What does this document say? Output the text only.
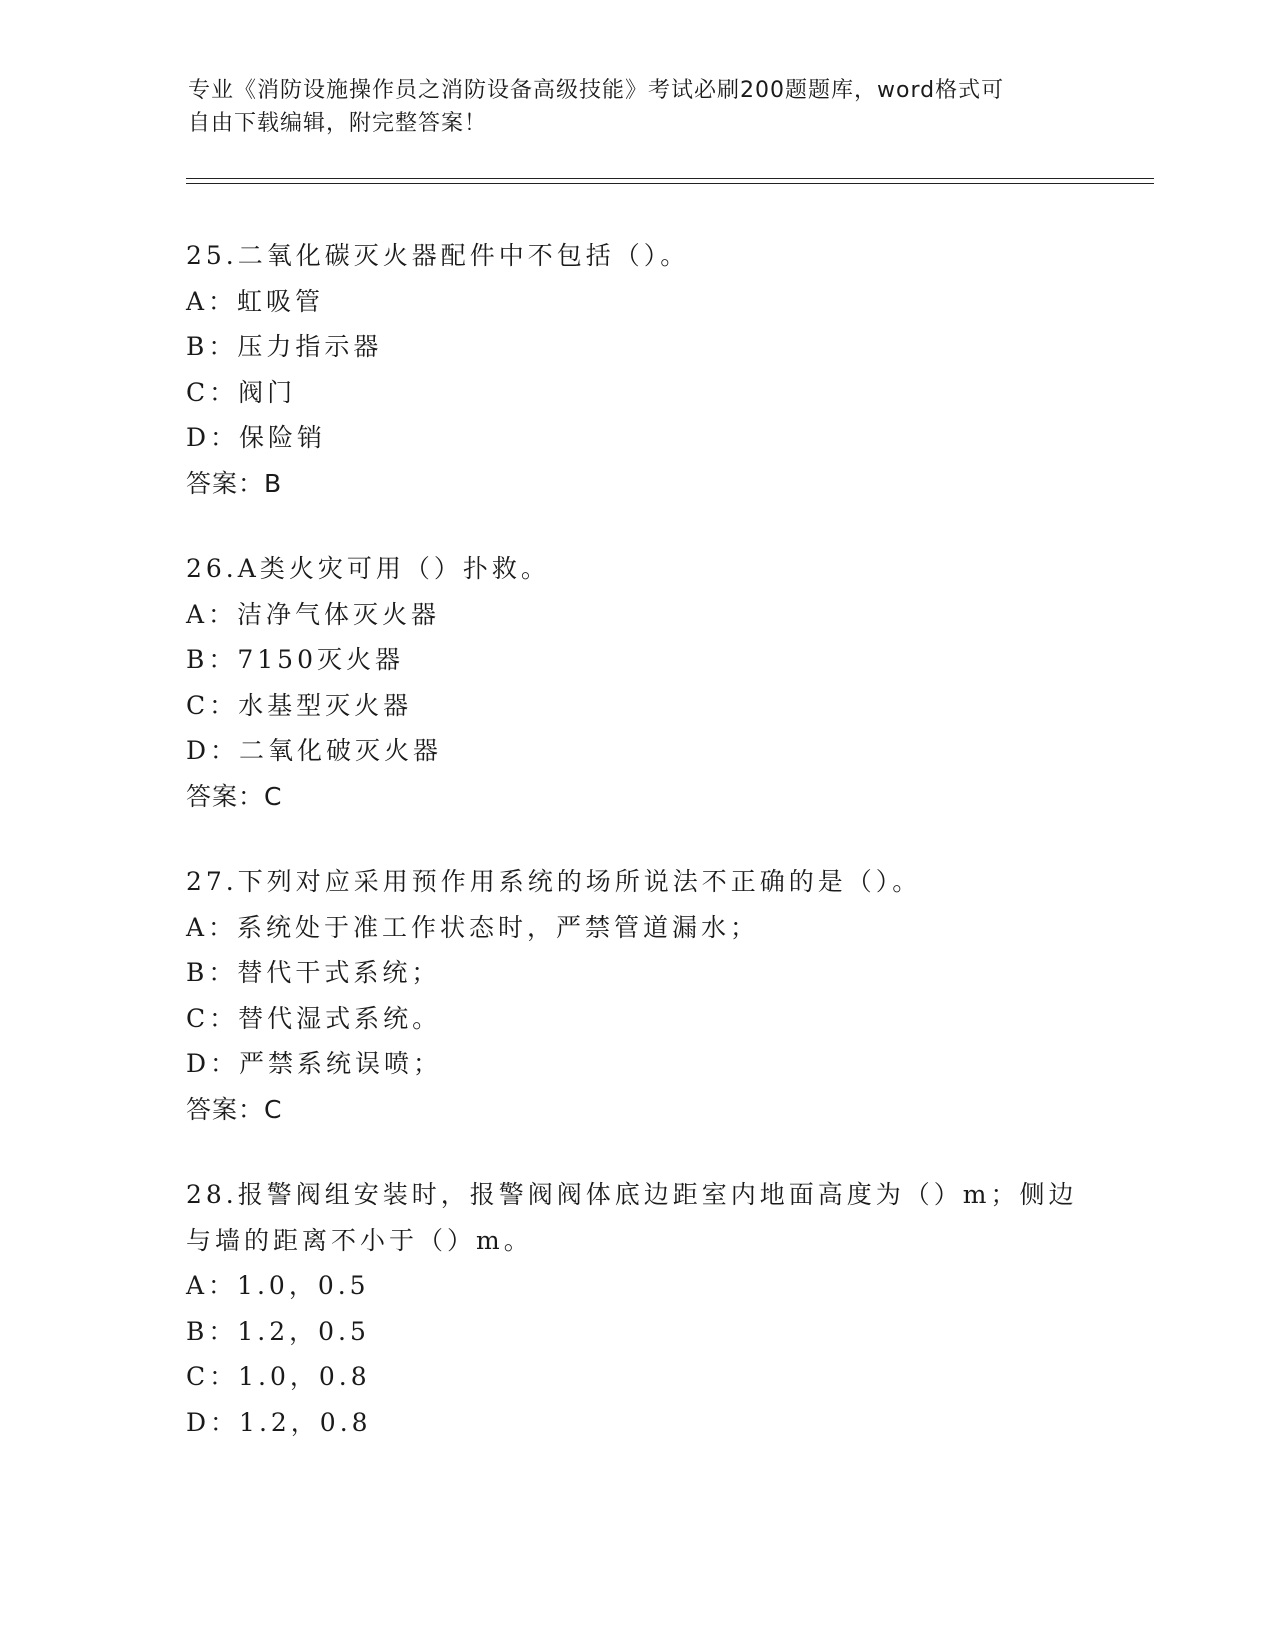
专业《消防设施操作员之消防设备高级技能》考试必刷200题题库，word格式可
自由下载编辑，附完整答案！
25.二氧化碳灭火器配件中不包括（）。
A：虹吸管
B：压力指示器
C：阀门
D：保险销
答案：B
26.A类火灾可用（）扑救。
A：洁净气体灭火器
B：7150灭火器
C：水基型灭火器
D：二氧化破灭火器
答案：C
27.下列对应采用预作用系统的场所说法不正确的是（）。
A：系统处于准工作状态时，严禁管道漏水；
B：替代干式系统；
C：替代湿式系统。
D：严禁系统误喷；
答案：C
28.报警阀组安装时，报警阀阀体底边距室内地面高度为（）m；侧边
与墙的距离不小于（）m。
A：1.0，0.5
B：1.2，0.5
C：1.0，0.8
D：1.2，0.8
